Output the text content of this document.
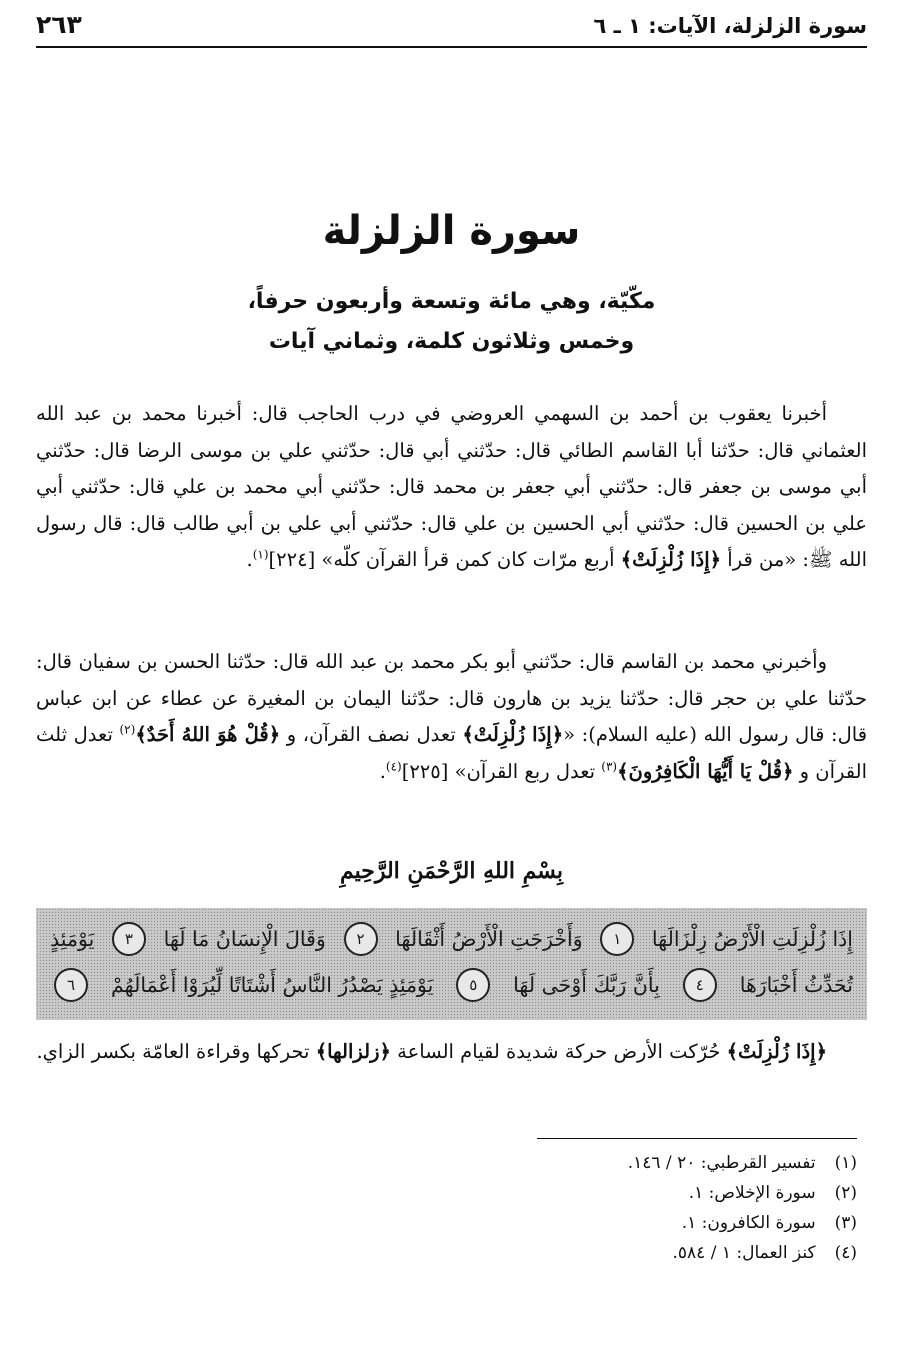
سورة الزلزلة، الآيات: ١ ـ ٦
٢٦٣
سورة الزلزلة
مكّيّة، وهي مائة وتسعة وأربعون حرفاً،
وخمس وثلاثون كلمة، وثماني آيات
أخبرنا يعقوب بن أحمد بن السهمي العروضي في درب الحاجب قال: أخبرنا محمد بن عبد الله العثماني قال: حدّثنا أبا القاسم الطائي قال: حدّثني أبي قال: حدّثني علي بن موسى الرضا قال: حدّثني أبي موسى بن جعفر قال: حدّثني أبي جعفر بن محمد قال: حدّثني أبي محمد بن علي قال: حدّثني أبي علي بن الحسين قال: حدّثني أبي الحسين بن علي قال: حدّثني أبي علي بن أبي طالب قال: قال رسول الله ﷺ: «من قرأ ﴿إِذَا زُلْزِلَتْ﴾ أربع مرّات كان كمن قرأ القرآن كلّه» [٢٢٤]$^{(١)}$.
وأخبرني محمد بن القاسم قال: حدّثني أبو بكر محمد بن عبد الله قال: حدّثنا الحسن بن سفيان قال: حدّثنا علي بن حجر قال: حدّثنا يزيد بن هارون قال: حدّثنا اليمان بن المغيرة عن عطاء عن ابن عباس قال: قال رسول الله (عليه السلام): «﴿إِذَا زُلْزِلَتْ﴾ تعدل نصف القرآن، و ﴿قُلْ هُوَ اللهُ أَحَدٌ﴾$^{(٢)}$ تعدل ثلث القرآن و ﴿قُلْ يَا أَيُّهَا الْكَافِرُونَ﴾$^{(٣)}$ تعدل ربع القرآن» [٢٢٥]$^{(٤)}$.
بِسْمِ اللهِ الرَّحْمَنِ الرَّحِيمِ
إِذَا زُلْزِلَتِ الْأَرْضُ زِلْزَالَهَا
١
وَأَخْرَجَتِ الْأَرْضُ أَثْقَالَهَا
٢
وَقَالَ الْإِنسَانُ مَا لَهَا
٣
يَوْمَئِذٍ
تُحَدِّثُ أَخْبَارَهَا
٤
بِأَنَّ رَبَّكَ أَوْحَى لَهَا
٥
يَوْمَئِذٍ يَصْدُرُ النَّاسُ أَشْتَاتًا لِّيُرَوْا أَعْمَالَهُمْ
٦
﴿إِذَا زُلْزِلَتْ﴾ حُرّكت الأرض حركة شديدة لقيام الساعة ﴿زلزالها﴾ تحركها وقراءة العامّة بكسر الزاي.
(١) تفسير القرطبي: ٢٠ / ١٤٦.
(٢) سورة الإخلاص: ١.
(٣) سورة الكافرون: ١.
(٤) كنز العمال: ١ / ٥٨٤.
